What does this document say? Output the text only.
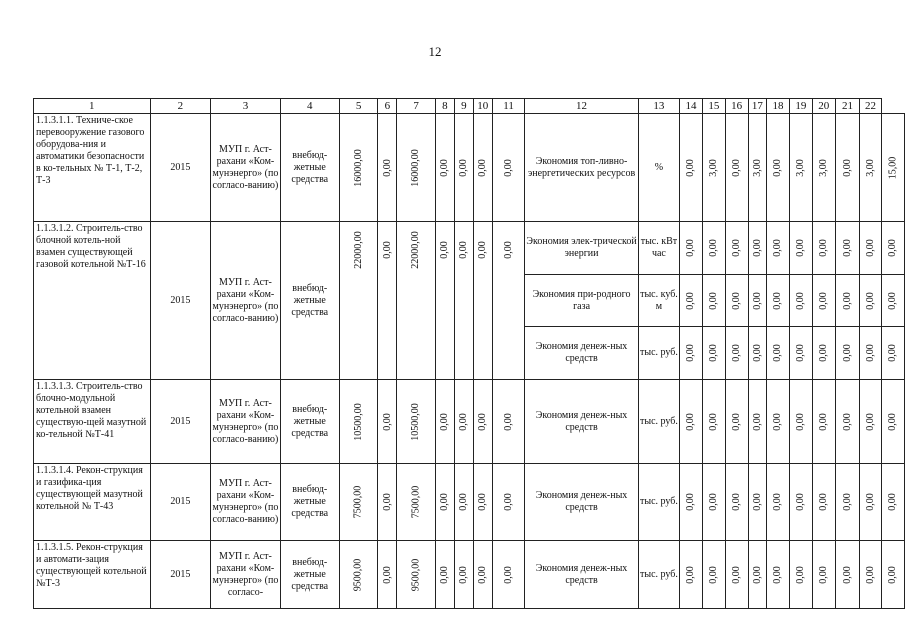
12
1	2	3	4	5	6	7	8	9	10	11	12	13	14	15	16	17	18	19	20	21	22	
1.1.3.1.1. Техниче-ское перевооружение газового оборудова-ния и автоматики безопасности в ко-тельных № Т-1, Т-2, Т-3	2015	МУП г. Аст-рахани «Ком-мунэнерго» (по согласо-ванию)	внебюд-жетные средства	16000,00	0,00	16000,00	0,00	0,00	0,00	0,00	Экономия топ-ливно-энергетических ресурсов	%	0,00	3,00	0,00	3,00	0,00	3,00	3,00	0,00	3,00	15,00
1.1.3.1.2. Строитель-ство блочной котель-ной взамен существующей газовой котельной №Т-16	2015	МУП г. Аст-рахани «Ком-мунэнерго» (по согласо-ванию)	внебюд-жетные средства	22000,00	0,00	22000,00	0,00	0,00	0,00	0,00	Экономия элек-трической энергии	тыс. кВт час	0,00	0,00	0,00	0,00	0,00	0,00	0,00	0,00	0,00	0,00
											Экономия при-родного газа	тыс. куб. м	0,00	0,00	0,00	0,00	0,00	0,00	0,00	0,00	0,00	0,00
											Экономия денеж-ных средств	тыс. руб.	0,00	0,00	0,00	0,00	0,00	0,00	0,00	0,00	0,00	0,00
1.1.3.1.3. Строитель-ство блочно-модульной котельной взамен существую-щей мазутной ко-тельной №Т-41	2015	МУП г. Аст-рахани «Ком-мунэнерго» (по согласо-ванию)	внебюд-жетные средства	10500,00	0,00	10500,00	0,00	0,00	0,00	0,00	Экономия денеж-ных средств	тыс. руб.	0,00	0,00	0,00	0,00	0,00	0,00	0,00	0,00	0,00	0,00
1.1.3.1.4. Рекон-струкция и газифика-ция существующей мазутной котельной № Т-43	2015	МУП г. Аст-рахани «Ком-мунэнерго» (по согласо-ванию)	внебюд-жетные средства	7500,00	0,00	7500,00	0,00	0,00	0,00	0,00	Экономия денеж-ных средств	тыс. руб.	0,00	0,00	0,00	0,00	0,00	0,00	0,00	0,00	0,00	0,00
1.1.3.1.5. Рекон-струкция и автомати-зация существующей котельной №Т-3	2015	МУП г. Аст-рахани «Ком-мунэнерго» (по согласо-	внебюд-жетные средства	9500,00	0,00	9500,00	0,00	0,00	0,00	0,00	Экономия денеж-ных средств	тыс. руб.	0,00	0,00	0,00	0,00	0,00	0,00	0,00	0,00	0,00	0,00
